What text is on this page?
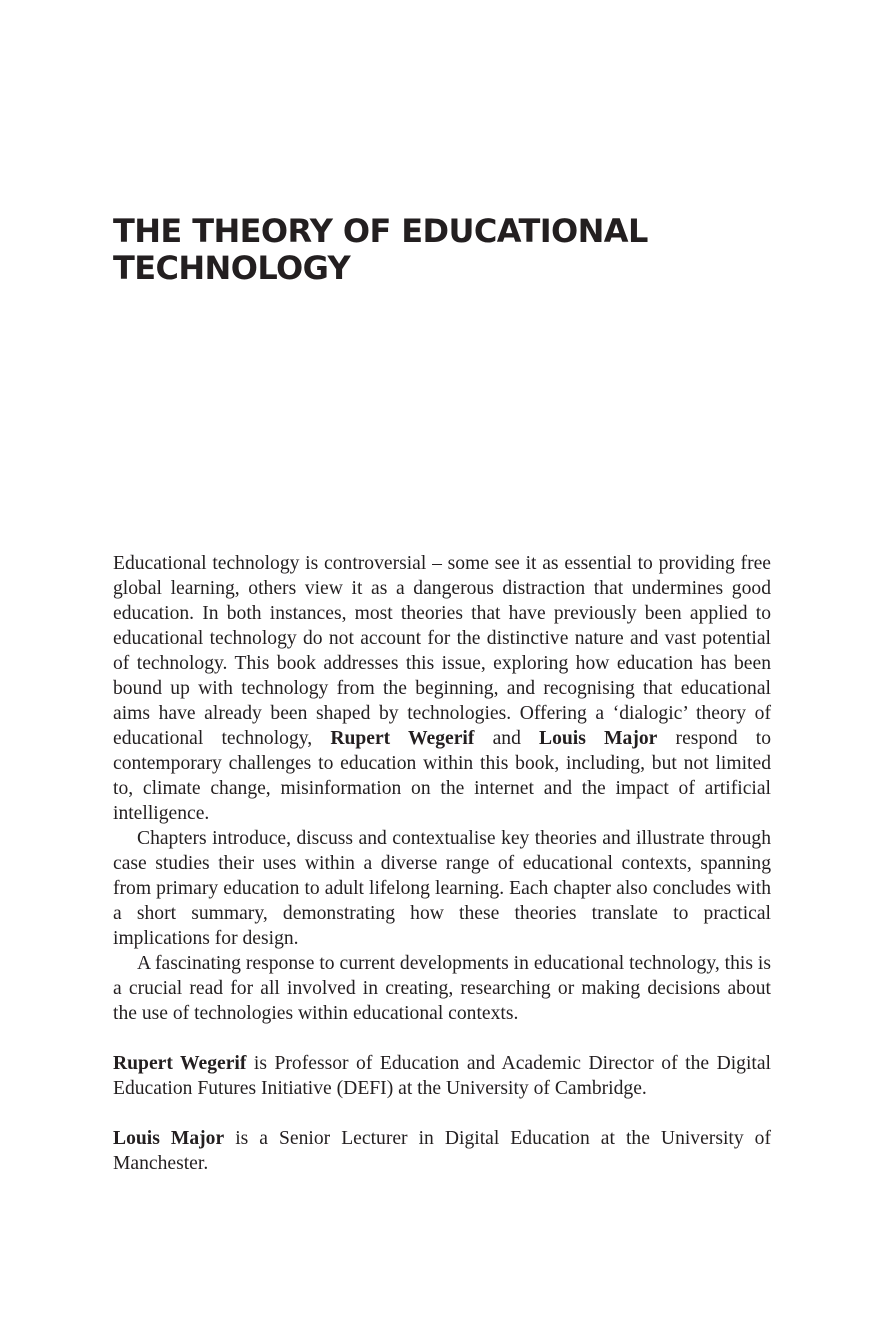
THE THEORY OF EDUCATIONAL
TECHNOLOGY

Educational technology is controversial – some see it as essential to providing free global learning, others view it as a dangerous distraction that undermines good education. In both instances, most theories that have previously been applied to educational technology do not account for the distinctive nature and vast potential of technology. This book addresses this issue, exploring how education has been bound up with technology from the beginning, and recognising that educational aims have already been shaped by technologies. Offering a ‘dialogic’ theory of educational technology, Rupert Wegerif and Louis Major respond to contemporary challenges to education within this book, including, but not limited to, climate change, misinformation on the internet and the impact of artificial intelligence.

Chapters introduce, discuss and contextualise key theories and illustrate through case studies their uses within a diverse range of educational contexts, spanning from primary education to adult lifelong learning. Each chapter also concludes with a short summary, demonstrating how these theories translate to practical implications for design.

A fascinating response to current developments in educational technology, this is a crucial read for all involved in creating, researching or making decisions about the use of technologies within educational contexts.

Rupert Wegerif is Professor of Education and Academic Director of the Digital Education Futures Initiative (DEFI) at the University of Cambridge.

Louis Major is a Senior Lecturer in Digital Education at the University of Manchester.
